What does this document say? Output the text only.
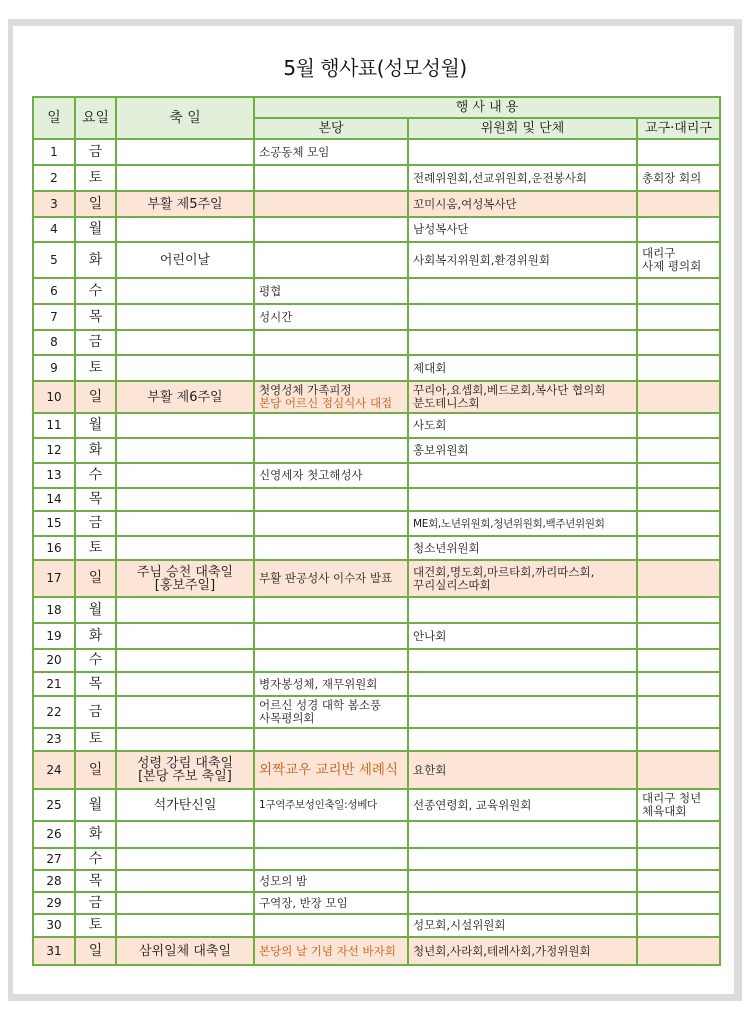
5월 행사표(성모성월)
일	요일	축 일	행 사 내 용		
			본당	위원회 및 단체	교구·대리구
1	금		소공동체 모임		
2	토			전례위원회,선교위원회,운전봉사회	총회장 회의
3	일	부활 제5주일		꼬미시움,여성복사단	
4	월			남성복사단	
5	화	어린이날		사회복지위원회,환경위원회	대리구
사제 평의회
6	수		평협		
7	목		성시간		
8	금				
9	토			제대회	
10	일	부활 제6주일	첫영성체 가족피정
본당 어르신 점심식사 대접	꾸리아,요셉회,베드로회,복사단 협의회
분도테니스회	
11	월			사도회	
12	화			홍보위원회	
13	수		신영세자 첫고해성사		
14	목				
15	금			ME회,노년위원회,청년위원회,백주년위원회	
16	토			청소년위원회	
17	일	주님 승천 대축일
[홍보주일]	부활 판공성사 이수자 발표	대건회,명도회,마르타회,까리따스회,
꾸리실리스따회	
18	월				
19	화			안나회	
20	수				
21	목		병자봉성체, 재무위원회		
22	금		어르신 성경 대학 봄소풍
사목평의회		
23	토				
24	일	성령 강림 대축일
[본당 주보 축일]	외짝교우 교리반 세례식	요한회	
25	월	석가탄신일	1구역주보성인축일:성베다	선종연령회, 교육위원회	대리구 청년
체육대회
26	화				
27	수				
28	목		성모의 밤		
29	금		구역장, 반장 모임		
30	토			성모회,시설위원회	
31	일	삼위일체 대축일	본당의 날 기념 자선 바자회	청년회,사라회,테레사회,가정위원회	
